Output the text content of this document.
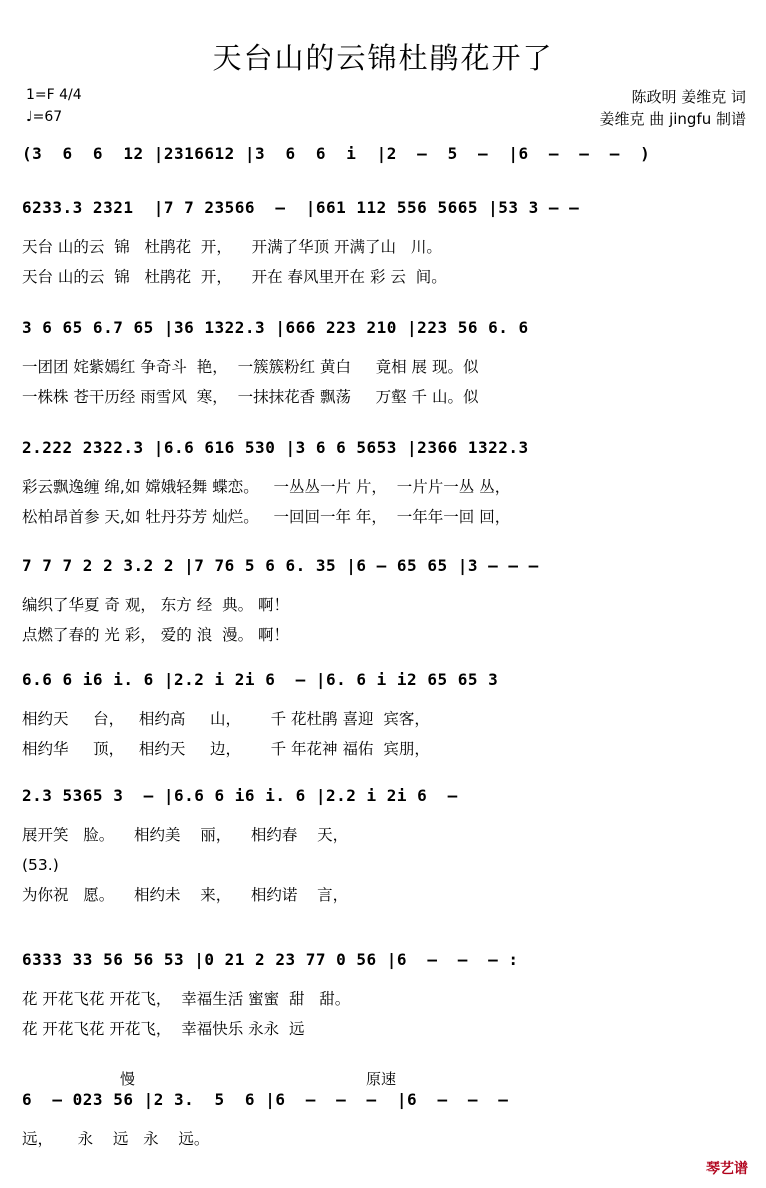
天台山的云锦杜鹃花开了
1=F 4/4
♩=67
陈政明 姜维克 词
姜维克 曲 jingfu 制谱
(3  6  6  12 |2316612 |3  6  6  i  |2  –  5  –  |6  –  –  –  )
6233.3 2321  |7 7 23566  –  |661 112 556 5665 |53 3 – –
天台 山的云  锦   杜鹃花  开，    开满了华顶 开满了山   川。
天台 山的云  锦   杜鹃花  开，    开在 春风里开在 彩 云  间。
3 6 65 6.7 65 |36 1322.3 |666 223 210 |223 56 6. 6
一团团 姹紫嫣红 争奇斗  艳，  一簇簇粉红 黄白     竟相 展 现。似
一株株 苍干历经 雨雪风  寒，  一抹抹花香 飘荡     万壑 千 山。似
2.222 2322.3 |6.6 616 530 |3 6 6 5653 |2366 1322.3
彩云飘逸缠 绵,如 嫦娥轻舞 蝶恋。   一丛丛一片 片，  一片片一丛 丛，
松柏昂首参 天,如 牡丹芬芳 灿烂。   一回回一年 年，  一年年一回 回，
7 7 7 2 2 3.2 2 |7 76 5 6 6. 35 |6 – 65 65 |3 – – –
编织了华夏 奇 观， 东方 经  典。 啊！
点燃了春的 光 彩， 爱的 浪  漫。 啊！
6.6 6 i6 i. 6 |2.2 i 2i 6  – |6. 6 i i2 65 65 3
相约天     台，   相约高     山，      千 花杜鹃 喜迎  宾客，
相约华     顶，   相约天     边，      千 年花神 福佑  宾朋，
2.3 5365 3  – |6.6 6 i6 i. 6 |2.2 i 2i 6  –
展开笑   脸。    相约美    丽，    相约春    天，
(53.)
为你祝   愿。    相约未    来，    相约诺    言，
6333 33 56 56 53 |0 21 2 23 77 0 56 |6  –  –  – :
花 开花飞花 开花飞，  幸福生活 蜜蜜  甜   甜。
花 开花飞花 开花飞，  幸福快乐 永永  远
6  – 023 56 |2 3.  5  6 |6  –  –  –  |6  –  –  –
远，     永    远   永    远。
慢	原速
琴艺谱
